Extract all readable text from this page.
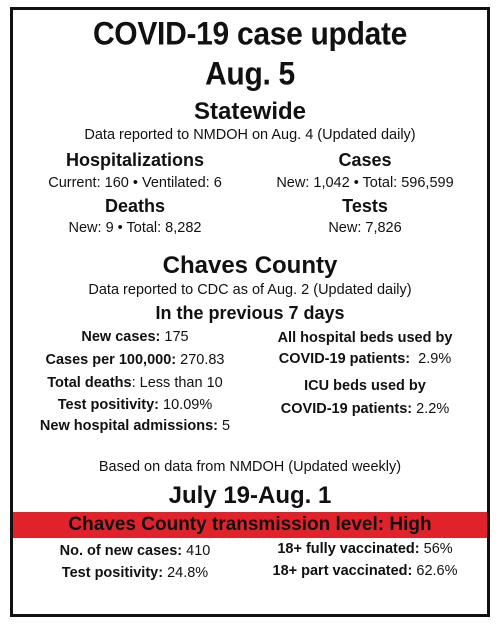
COVID-19 case update
Aug. 5
Statewide
Data reported to NMDOH on Aug. 4 (Updated daily)
Hospitalizations
Current: 160 • Ventilated: 6
Cases
New: 1,042 • Total: 596,599
Deaths
New: 9 • Total: 8,282
Tests
New: 7,826
Chaves County
Data reported to CDC as of Aug. 2 (Updated daily)
In the previous 7 days
New cases: 175
Cases per 100,000: 270.83
Total deaths: Less than 10
Test positivity: 10.09%
New hospital admissions: 5
All hospital beds used by
COVID-19 patients: 2.9%
ICU beds used by
COVID-19 patients: 2.2%
Based on data from NMDOH (Updated weekly)
July 19-Aug. 1
Chaves County transmission level: High
No. of new cases: 410
Test positivity: 24.8%
18+ fully vaccinated: 56%
18+ part vaccinated: 62.6%
